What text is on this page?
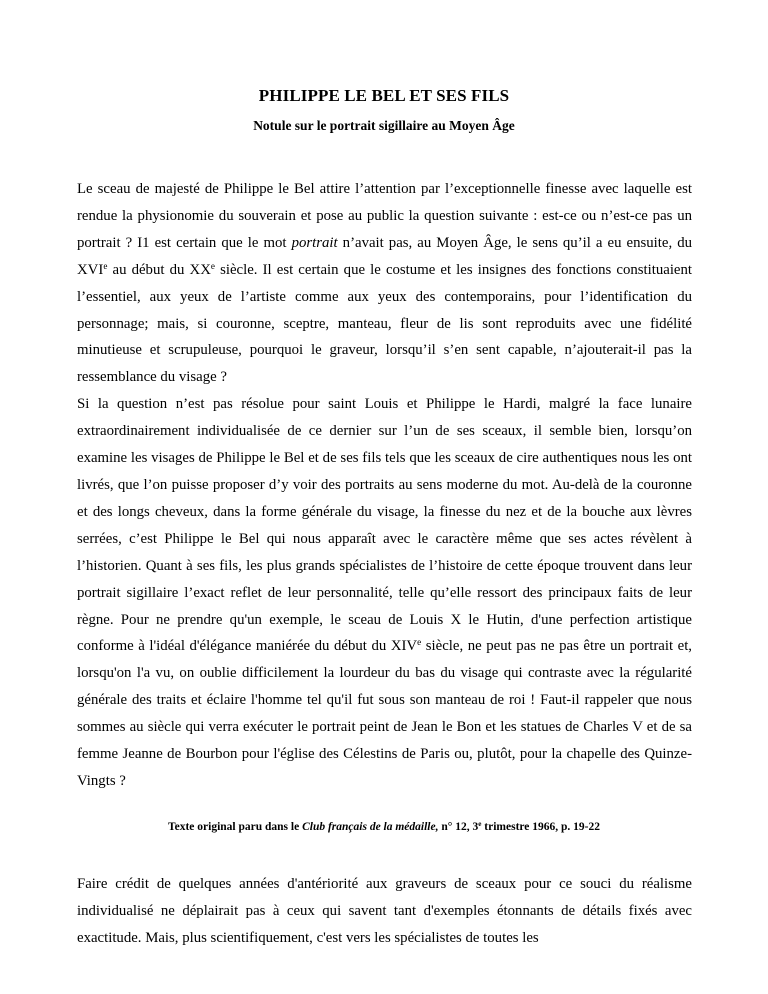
PHILIPPE LE BEL ET SES FILS
Notule sur le portrait sigillaire au Moyen Âge

Le sceau de majesté de Philippe le Bel attire l’attention par l’exceptionnelle finesse avec laquelle est rendue la physionomie du souverain et pose au public la question suivante : est-ce ou n’est-ce pas un portrait ? I1 est certain que le mot portrait n’avait pas, au Moyen Âge, le sens qu’il a eu ensuite, du XVIe au début du XXe siècle. Il est certain que le costume et les insignes des fonctions constituaient l’essentiel, aux yeux de l’artiste comme aux yeux des contemporains, pour l’identification du personnage; mais, si couronne, sceptre, manteau, fleur de lis sont reproduits avec une fidélité minutieuse et scrupuleuse, pourquoi le graveur, lorsqu’il s’en sent capable, n’ajouterait-il pas la ressemblance du visage ?

Si la question n’est pas résolue pour saint Louis et Philippe le Hardi, malgré la face lunaire extraordinairement individualisée de ce dernier sur l’un de ses sceaux, il semble bien, lorsqu’on examine les visages de Philippe le Bel et de ses fils tels que les sceaux de cire authentiques nous les ont livrés, que l’on puisse proposer d’y voir des portraits au sens moderne du mot. Au-delà de la couronne et des longs cheveux, dans la forme générale du visage, la finesse du nez et de la bouche aux lèvres serrées, c’est Philippe le Bel qui nous apparaît avec le caractère même que ses actes révèlent à l’historien. Quant à ses fils, les plus grands spécialistes de l’histoire de cette époque trouvent dans leur portrait sigillaire l’exact reflet de leur personnalité, telle qu’elle ressort des principaux faits de leur règne. Pour ne prendre qu'un exemple, le sceau de Louis X le Hutin, d'une perfection artistique conforme à l'idéal d'élégance maniérée du début du XIVe siècle, ne peut pas ne pas être un portrait et, lorsqu'on l'a vu, on oublie difficilement la lourdeur du bas du visage qui contraste avec la régularité générale des traits et éclaire l'homme tel qu'il fut sous son manteau de roi ! Faut-il rappeler que nous sommes au siècle qui verra exécuter le portrait peint de Jean le Bon et les statues de Charles V et de sa femme Jeanne de Bourbon pour l'église des Célestins de Paris ou, plutôt, pour la chapelle des Quinze-Vingts ?

Texte original paru dans le Club français de la médaille, n° 12, 3e trimestre 1966, p. 19-22

Faire crédit de quelques années d'antériorité aux graveurs de sceaux pour ce souci du réalisme individualisé ne déplairait pas à ceux qui savent tant d'exemples étonnants de détails fixés avec exactitude. Mais, plus scientifiquement, c'est vers les spécialistes de toutes les
